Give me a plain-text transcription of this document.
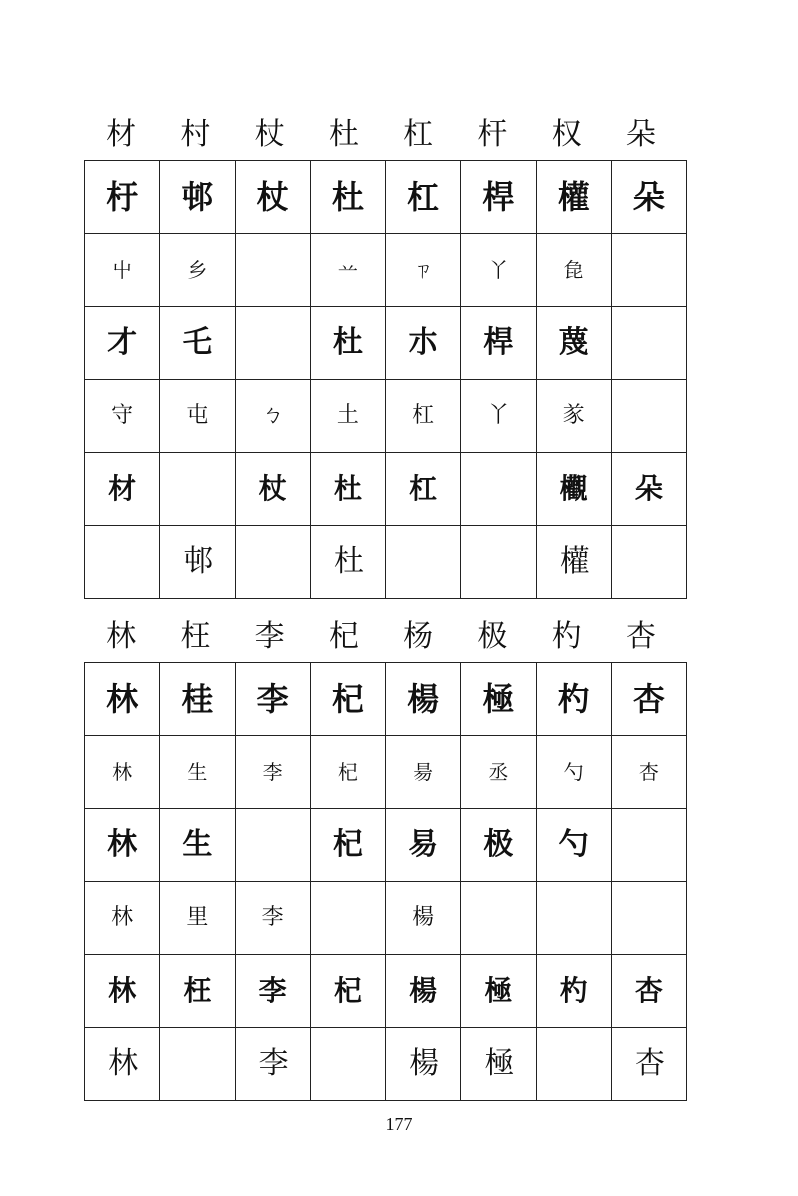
材	村	杖	杜	杠	杆	权	朵
杅	邨	杖	杜	杠	桿	權	朵
屮	乡		䒑	ㄗ	丫	㲋	
才	乇		杜	朩	桿	蔑	
守	屯	ㄅ	土	杠	丫	㒸	
材		杖	杜	杠		欟	朵
	邨		杜			權	
林	枉	李	杞	杨	极	杓	杏
林	桂	李	杞	楊	極	杓	杏
林	生	李	杞	昜	丞	勺	杏
林	生		杞	易	极	勺	
林	里	李		楊			
林	枉	李	杞	楊	極	杓	杏
林		李		楊	極		杏
177
